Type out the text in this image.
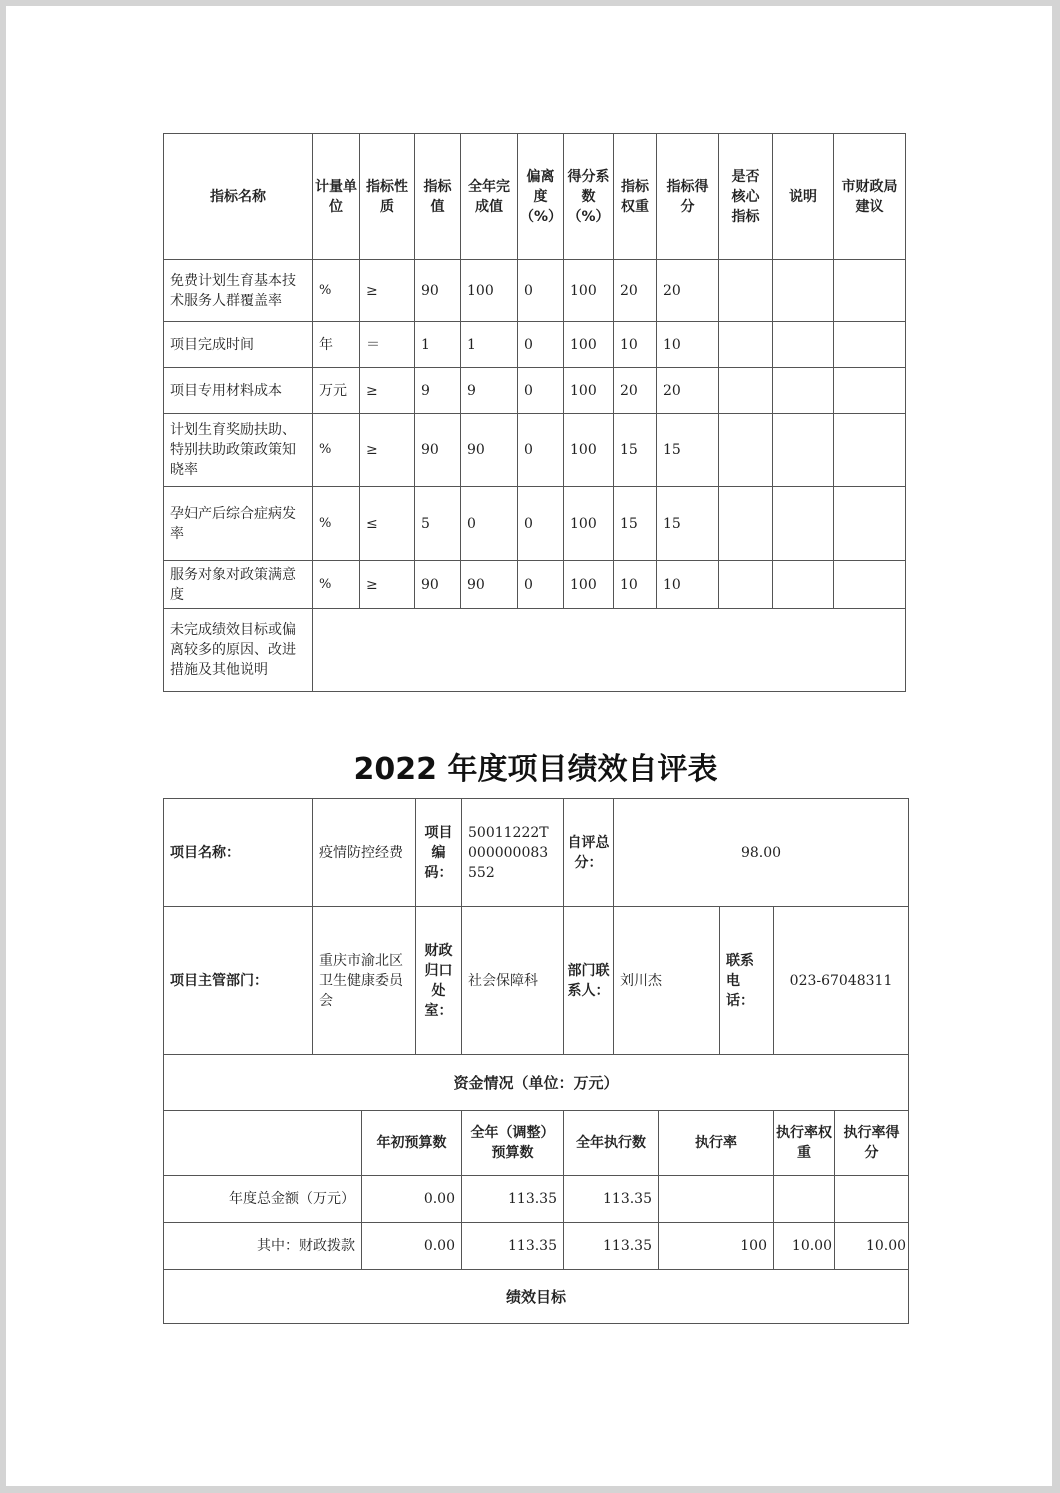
指标名称	计量单位	指标性质	指标值	全年完成值	偏离度（%）	得分系数（%）	指标权重	指标得分	是否核心指标	说明	市财政局建议
免费计划生育基本技术服务人群覆盖率	%	≥	90	100	0	100	20	20			
项目完成时间	年	＝	1	1	0	100	10	10			
项目专用材料成本	万元	≥	9	9	0	100	20	20			
计划生育奖励扶助、特别扶助政策政策知晓率	%	≥	90	90	0	100	15	15			
孕妇产后综合症病发率	%	≤	5	0	0	100	15	15			
服务对象对政策满意度	%	≥	90	90	0	100	10	10			
未完成绩效目标或偏离较多的原因、改进措施及其他说明											
2022 年度项目绩效自评表
项目名称：	疫情防控经费		项目编码：	50011222T000000083552	自评总分：	98.00				
项目主管部门：	重庆市渝北区卫生健康委员会		财政归口处室：	社会保障科	部门联系人：	刘川杰		联系电话：	023-67048311	
资金情况（单位：万元）										
		年初预算数		全年（调整）预算数	全年执行数		执行率		执行率权重	执行率得分
年度总金额（万元）		0.00		113.35	113.35					
其中：财政拨款		0.00		113.35	113.35		100		10.00	10.00
绩效目标										
